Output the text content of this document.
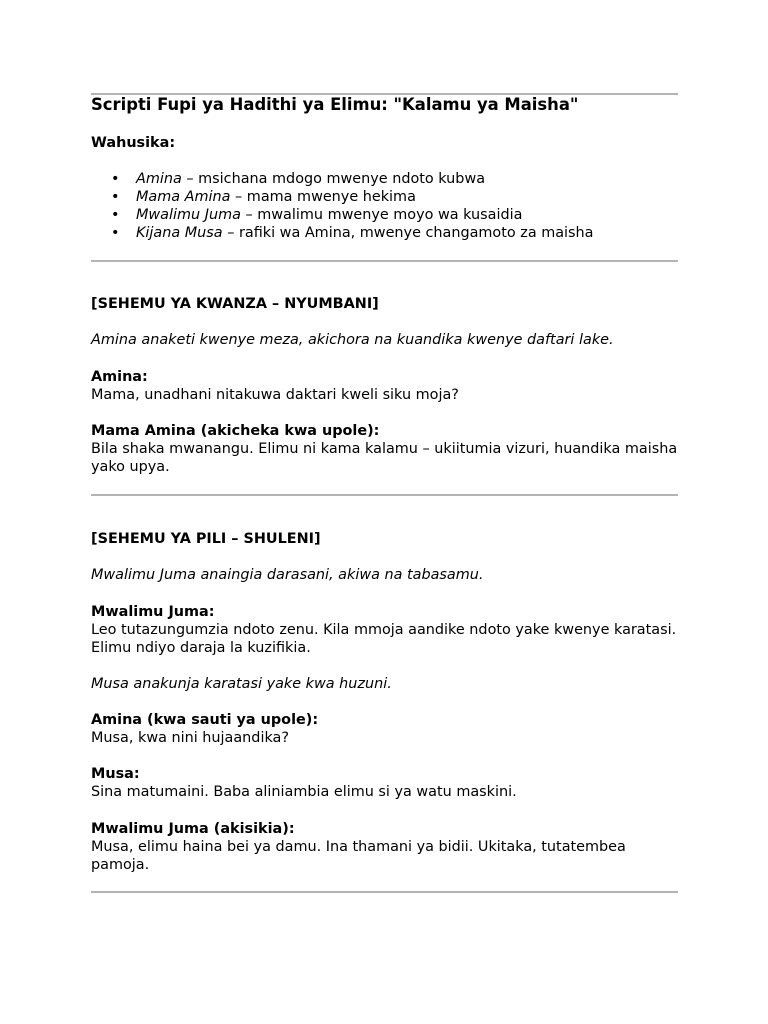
Scripti Fupi ya Hadithi ya Elimu: "Kalamu ya Maisha"
Wahusika:
• Amina – msichana mdogo mwenye ndoto kubwa
• Mama Amina – mama mwenye hekima
• Mwalimu Juma – mwalimu mwenye moyo wa kusaidia
• Kijana Musa – rafiki wa Amina, mwenye changamoto za maisha
[SEHEMU YA KWANZA – NYUMBANI]
Amina anaketi kwenye meza, akichora na kuandika kwenye daftari lake.
Amina:
Mama, unadhani nitakuwa daktari kweli siku moja?
Mama Amina (akicheka kwa upole):
Bila shaka mwanangu. Elimu ni kama kalamu – ukiitumia vizuri, huandika maisha yako upya.
[SEHEMU YA PILI – SHULENI]
Mwalimu Juma anaingia darasani, akiwa na tabasamu.
Mwalimu Juma:
Leo tutazungumzia ndoto zenu. Kila mmoja aandike ndoto yake kwenye karatasi. Elimu ndiyo daraja la kuzifikia.
Musa anakunja karatasi yake kwa huzuni.
Amina (kwa sauti ya upole):
Musa, kwa nini hujaandika?
Musa:
Sina matumaini. Baba aliniambia elimu si ya watu maskini.
Mwalimu Juma (akisikia):
Musa, elimu haina bei ya damu. Ina thamani ya bidii. Ukitaka, tutatembea pamoja.
